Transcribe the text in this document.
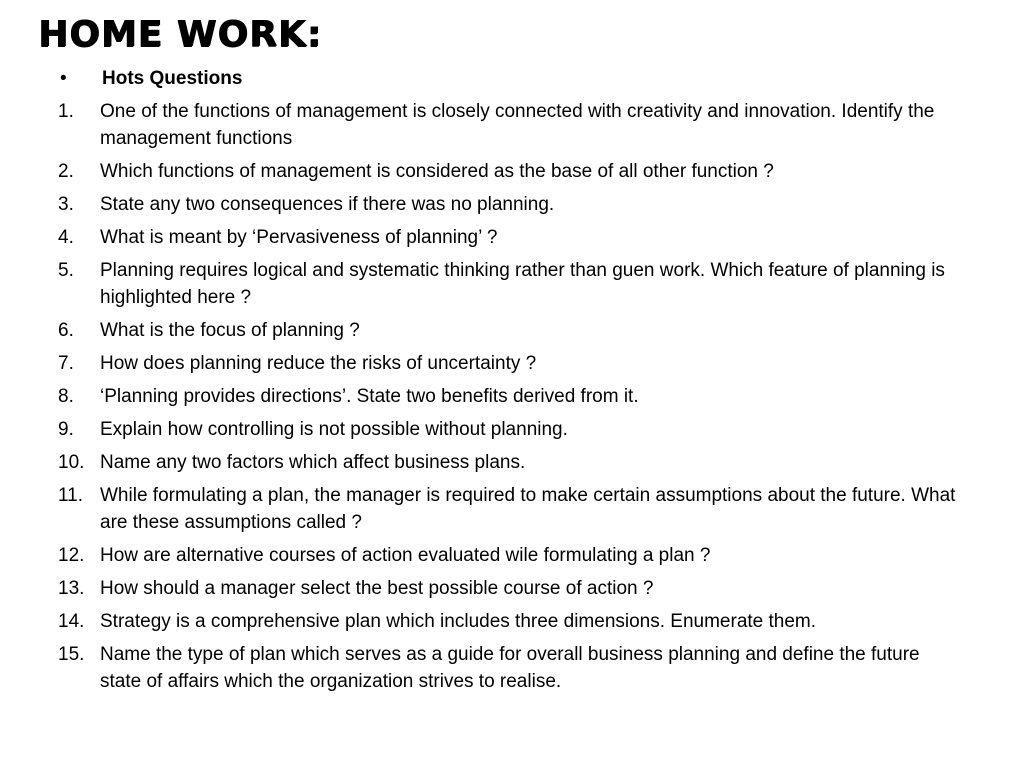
HOME WORK:
•	Hots Questions
1.	One of the functions of management is closely connected with creativity and innovation. Identify the management functions
2.	Which functions of management is considered as the base of all other function ?
3.	State any two consequences if there was no planning.
4.	What is meant by ‘Pervasiveness of planning’ ?
5.	Planning requires logical and systematic thinking rather than guen work. Which feature of planning is highlighted here ?
6.	What is the focus of planning ?
7.	How does planning reduce the risks of uncertainty ?
8.	‘Planning provides directions’. State two benefits derived from it.
9.	Explain how controlling is not possible without planning.
10. Name any two factors which affect business plans.
11. While formulating a plan, the manager is required to make certain assumptions about the future. What are these assumptions called ?
12. How are alternative courses of action evaluated wile formulating a plan ?
13. How should a manager select the best possible course of action ?
14. Strategy is a comprehensive plan which includes three dimensions. Enumerate them.
15. Name the type of plan which serves as a guide for overall business planning and define the future state of affairs which the organization strives to realise.
